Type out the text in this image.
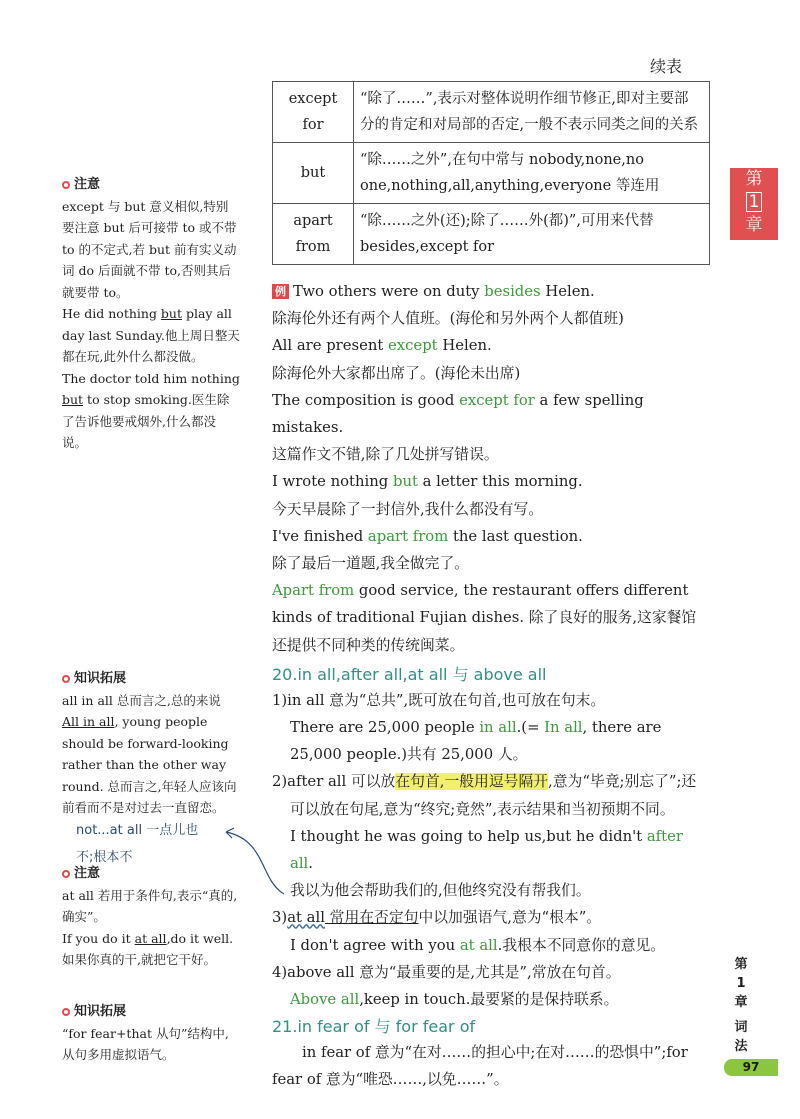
续表
except for	“除了……”,表示对整体说明作细节修正,即对主要部分的肯定和对局部的否定,一般不表示同类之间的关系
but	“除……之外”,在句中常与 nobody,none,no one,nothing,all,anything,everyone 等连用
apart from	“除……之外(还);除了……外(都)”,可用来代替 besides,except for
第
1
章
注意

except 与 but 意义相似,特别要注意 but 后可接带 to 或不带 to 的不定式,若 but 前有实义动词 do 后面就不带 to,否则其后就要带 to。

He did nothing but play all day last Sunday.他上周日整天都在玩,此外什么都没做。

The doctor told him nothing but to stop smoking.医生除了告诉他要戒烟外,什么都没说。

知识拓展

all in all 总而言之,总的来说

All in all, young people should be forward-looking rather than the other way round. 总而言之,年轻人应该向前看而不是对过去一直留恋。

not...at all 一点儿也
不;根本不
注意

at all 若用于条件句,表示“真的,确实”。

If you do it at all,do it well. 如果你真的干,就把它干好。

知识拓展

“for fear+that 从句”结构中,从句多用虚拟语气。

例 Two others were on duty besides Helen.

除海伦外还有两个人值班。(海伦和另外两个人都值班)

All are present except Helen.

除海伦外大家都出席了。(海伦未出席)

The composition is good except for a few spelling mistakes.

这篇作文不错,除了几处拼写错误。

I wrote nothing but a letter this morning.

今天早晨除了一封信外,我什么都没有写。

I've finished apart from the last question.

除了最后一道题,我全做完了。

Apart from good service, the restaurant offers different kinds of traditional Fujian dishes. 除了良好的服务,这家餐馆还提供不同种类的传统闽菜。

20.in all,after all,at all 与 above all

1)in all 意为“总共”,既可放在句首,也可放在句末。

There are 25,000 people in all.(= In all, there are 25,000 people.)共有 25,000 人。

2)after all 可以放在句首,一般用逗号隔开,意为“毕竟;别忘了”;还可以放在句尾,意为“终究;竟然”,表示结果和当初预期不同。

I thought he was going to help us,but he didn't after all.

我以为他会帮助我们的,但他终究没有帮我们。

3)at all 常用在否定句中以加强语气,意为“根本”。

I don't agree with you at all.我根本不同意你的意见。

4)above all 意为“最重要的是,尤其是”,常放在句首。

Above all,keep in touch.最要紧的是保持联系。

21.in fear of 与 for fear of

in fear of 意为“在对……的担心中;在对……的恐惧中”;for fear of 意为“唯恐……,以免……”。

第
1
章
词
法
97
